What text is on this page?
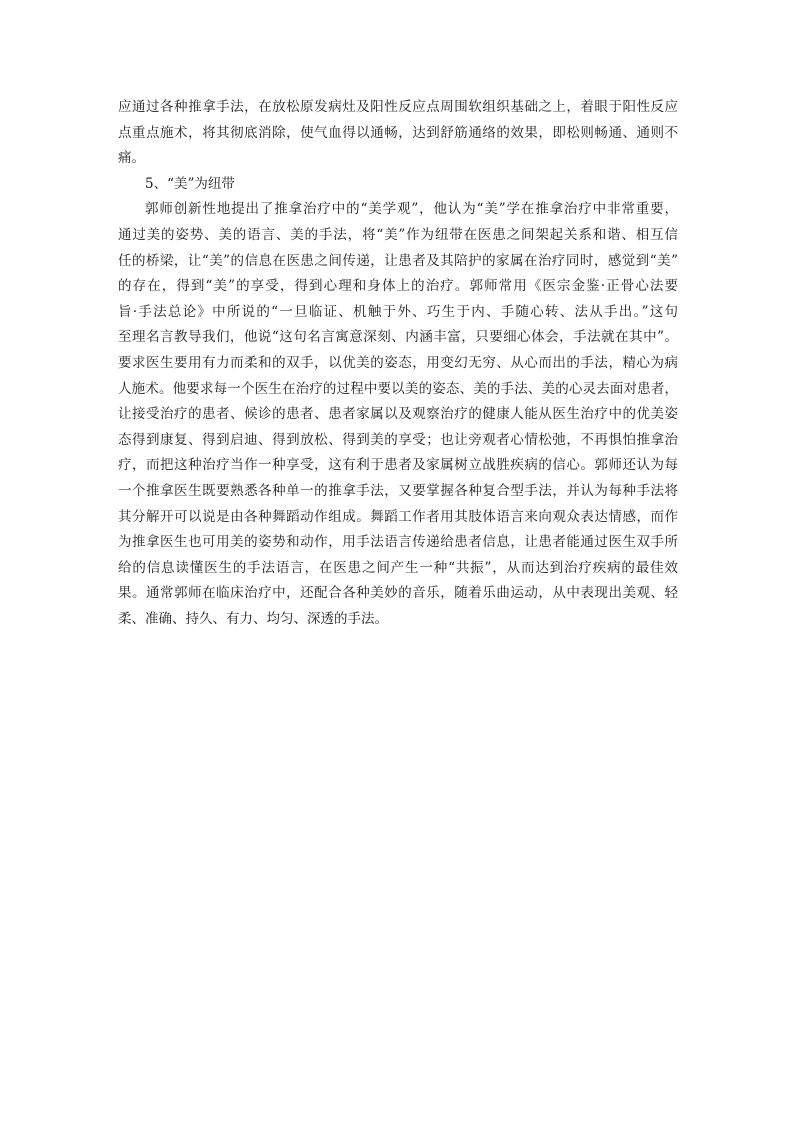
应通过各种推拿手法，在放松原发病灶及阳性反应点周围软组织基础之上，着眼于阳性反应
点重点施术，将其彻底消除，使气血得以通畅，达到舒筋通络的效果，即松则畅通、通则不
痛。
5、“美”为纽带
郭师创新性地提出了推拿治疗中的“美学观”，他认为“美”学在推拿治疗中非常重要，
通过美的姿势、美的语言、美的手法，将“美”作为纽带在医患之间架起关系和谐、相互信
任的桥梁，让“美”的信息在医患之间传递，让患者及其陪护的家属在治疗同时，感觉到“美”
的存在，得到“美”的享受，得到心理和身体上的治疗。郭师常用《医宗金鉴·正骨心法要
旨·手法总论》中所说的“一旦临证、机触于外、巧生于内、手随心转、法从手出。”这句
至理名言教导我们，他说“这句名言寓意深刻、内涵丰富，只要细心体会，手法就在其中”。
要求医生要用有力而柔和的双手，以优美的姿态，用变幻无穷、从心而出的手法，精心为病
人施术。他要求每一个医生在治疗的过程中要以美的姿态、美的手法、美的心灵去面对患者，
让接受治疗的患者、候诊的患者、患者家属以及观察治疗的健康人能从医生治疗中的优美姿
态得到康复、得到启迪、得到放松、得到美的享受；也让旁观者心情松弛，不再惧怕推拿治
疗，而把这种治疗当作一种享受，这有利于患者及家属树立战胜疾病的信心。郭师还认为每
一个推拿医生既要熟悉各种单一的推拿手法，又要掌握各种复合型手法，并认为每种手法将
其分解开可以说是由各种舞蹈动作组成。舞蹈工作者用其肢体语言来向观众表达情感，而作
为推拿医生也可用美的姿势和动作，用手法语言传递给患者信息，让患者能通过医生双手所
给的信息读懂医生的手法语言，在医患之间产生一种“共振”，从而达到治疗疾病的最佳效
果。通常郭师在临床治疗中，还配合各种美妙的音乐，随着乐曲运动，从中表现出美观、轻
柔、准确、持久、有力、均匀、深透的手法。
